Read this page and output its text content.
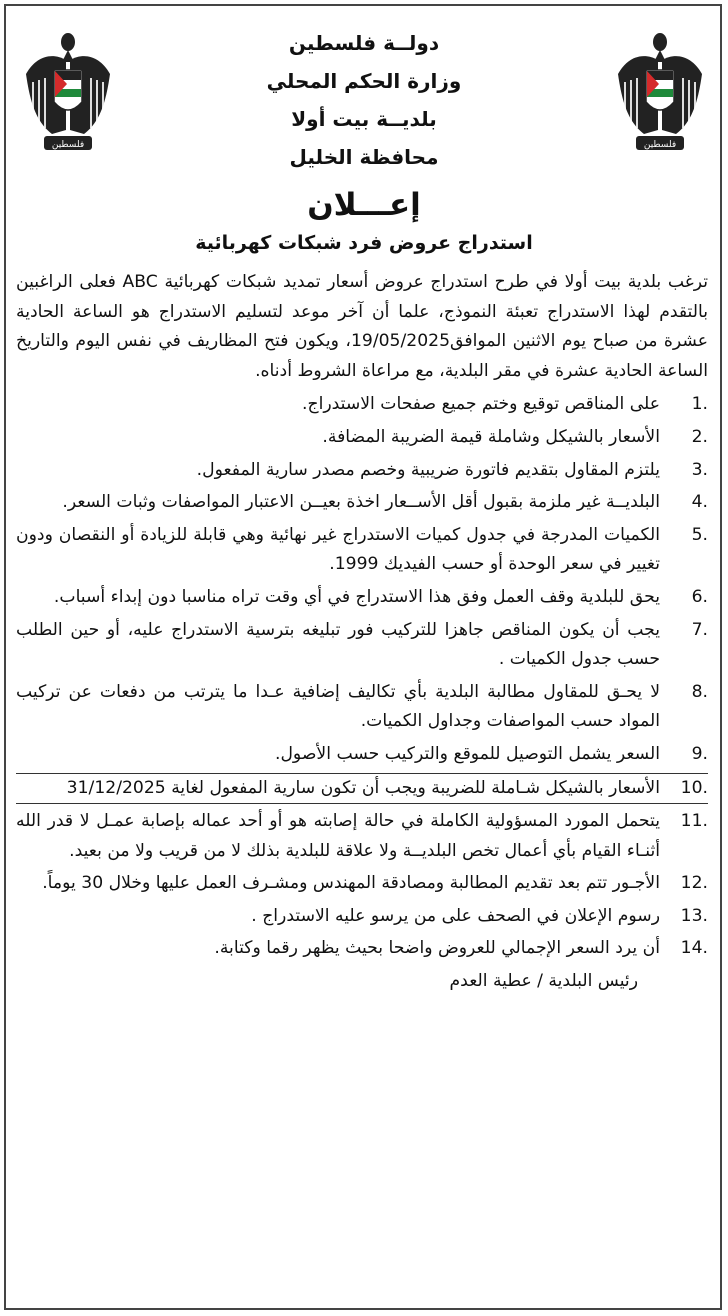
فلسطين	فلسطين
دولــة فلسطين
وزارة الحكم المحلي
بلديــة بيت أولا
محافظة الخليل
إعـــلان
استدراج عروض فرد شبكات كهربائية

ترغب بلدية بيت أولا في طرح استدراج عروض أسعار تمديد شبكات كهربائية ABC فعلى الراغبين بالتقدم لهذا الاستدراج تعبئة النموذج، علما أن آخر موعد لتسليم الاستدراج هو الساعة الحادية عشرة من صباح يوم الاثنين الموافق19/05/2025، ويكون فتح المظاريف في نفس اليوم والتاريخ الساعة الحادية عشرة في مقر البلدية، مع مراعاة الشروط أدناه.

1.
على المناقص توقيع وختم جميع صفحات الاستدراج.
2.
الأسعار بالشيكل وشاملة قيمة الضريبة المضافة.
3.
يلتزم المقاول بتقديم فاتورة ضريبية وخصم مصدر سارية المفعول.
4.
البلديــة غير ملزمة بقبول أقل الأســعار اخذة بعيــن الاعتبار المواصفات وثبات السعر.
5.
الكميات المدرجة في جدول كميات الاستدراج غير نهائية وهي قابلة للزيادة أو النقصان ودون تغيير في سعر الوحدة أو حسب الفيديك 1999.
6.
يحق للبلدية وقف العمل وفق هذا الاستدراج في أي وقت تراه مناسبا دون إبداء أسباب.
7.
يجب أن يكون المناقص جاهزا للتركيب فور تبليغه بترسية الاستدراج عليه، أو حين الطلب حسب جدول الكميات .
8.
لا يحـق للمقاول مطالبة البلدية بأي تكاليف إضافية عـدا ما يترتب من دفعات عن تركيب المواد حسب المواصفات وجداول الكميات.
9.
السعر يشمل التوصيل للموقع والتركيب حسب الأصول.
10.
الأسعار بالشيكل شـاملة للضريبة ويجب أن تكون سارية المفعول لغاية 31/12/2025
11.
يتحمل المورد المسؤولية الكاملة في حالة إصابته هو أو أحد عماله بإصابة عمـل لا قدر الله أثنـاء القيام بأي أعمال تخص البلديــة ولا علاقة للبلدية بذلك لا من قريب ولا من بعيد.
12.
الأجـور تتم بعد تقديم المطالبة ومصادقة المهندس ومشـرف العمل عليها وخلال 30 يوماً.
13.
رسوم الإعلان في الصحف على من يرسو عليه الاستدراج .
14.
أن يرد السعر الإجمالي للعروض واضحا بحيث يظهر رقما وكتابة.
رئيس البلدية / عطية العدم
